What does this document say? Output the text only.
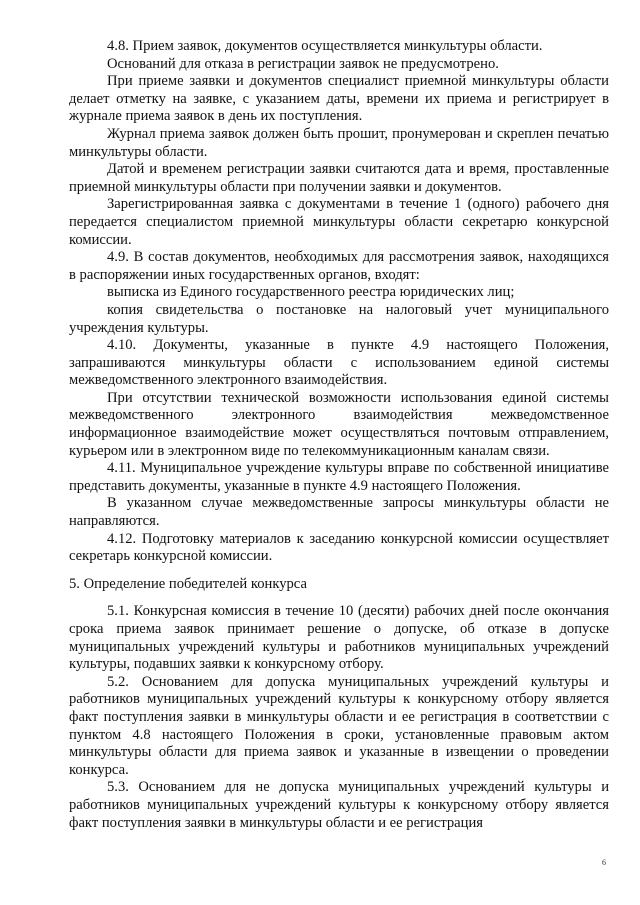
4.8. Прием заявок, документов осуществляется минкультуры области.

Оснований для отказа в регистрации заявок не предусмотрено.

При приеме заявки и документов специалист приемной минкультуры области делает отметку на заявке, с указанием даты, времени их приема и регистрирует в журнале приема заявок в день их поступления.

Журнал приема заявок должен быть прошит, пронумерован и скреплен печатью минкультуры области.

Датой и временем регистрации заявки считаются дата и время, проставленные приемной минкультуры области при получении заявки и документов.

Зарегистрированная заявка с документами в течение 1 (одного) рабочего дня передается специалистом приемной минкультуры области секретарю конкурсной комиссии.

4.9. В состав документов, необходимых для рассмотрения заявок, находящихся в распоряжении иных государственных органов, входят:

выписка из Единого государственного реестра юридических лиц;

копия свидетельства о постановке на налоговый учет муниципального учреждения культуры.

4.10. Документы, указанные в пункте 4.9 настоящего Положения, запрашиваются минкультуры области с использованием единой системы межведомственного электронного взаимодействия.

При отсутствии технической возможности использования единой системы межведомственного электронного взаимодействия межведомственное информационное взаимодействие может осуществляться почтовым отправлением, курьером или в электронном виде по телекоммуникационным каналам связи.

4.11. Муниципальное учреждение культуры вправе по собственной инициативе представить документы, указанные в пункте 4.9 настоящего Положения.

В указанном случае межведомственные запросы минкультуры области не направляются.

4.12. Подготовку материалов к заседанию конкурсной комиссии осуществляет секретарь конкурсной комиссии.

5. Определение победителей конкурса

5.1. Конкурсная комиссия в течение 10 (десяти) рабочих дней после окончания срока приема заявок принимает решение о допуске, об отказе в допуске муниципальных учреждений культуры и работников муниципальных учреждений культуры, подавших заявки к конкурсному отбору.

5.2. Основанием для допуска муниципальных учреждений культуры и работников муниципальных учреждений культуры к конкурсному отбору является факт поступления заявки в минкультуры области и ее регистрация в соответствии с пунктом 4.8 настоящего Положения в сроки, установленные правовым актом минкультуры области для приема заявок и указанные в извещении о проведении конкурса.

5.3. Основанием для не допуска муниципальных учреждений культуры и работников муниципальных учреждений культуры к конкурсному отбору является факт поступления заявки в минкультуры области и ее регистрация

6
